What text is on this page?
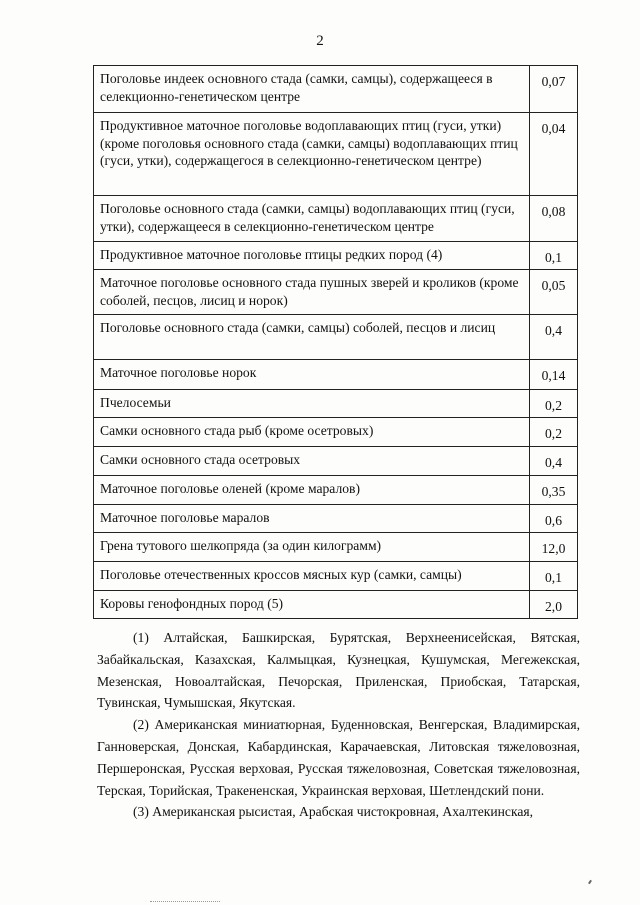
2
Поголовье индеек основного стада (самки, самцы), содержащееся в селекционно-генетическом центре	0,07
Продуктивное маточное поголовье водоплавающих птиц (гуси, утки) (кроме поголовья основного стада (самки, самцы) водоплавающих птиц (гуси, утки), содержащегося в селекционно-генетическом центре)	0,04
Поголовье основного стада (самки, самцы) водоплавающих птиц (гуси, утки), содержащееся в селекционно-генетическом центре	0,08
Продуктивное маточное поголовье птицы редких пород (4)	0,1
Маточное поголовье основного стада пушных зверей и кроликов (кроме соболей, песцов, лисиц и норок)	0,05
Поголовье основного стада (самки, самцы) соболей, песцов и лисиц	0,4
Маточное поголовье норок	0,14
Пчелосемьи	0,2
Самки основного стада рыб (кроме осетровых)	0,2
Самки основного стада осетровых	0,4
Маточное поголовье оленей (кроме маралов)	0,35
Маточное поголовье маралов	0,6
Грена тутового шелкопряда (за один килограмм)	12,0
Поголовье отечественных кроссов мясных кур (самки, самцы)	0,1
Коровы генофондных пород (5)	2,0

(1) Алтайская, Башкирская, Бурятская, Верхнеенисейская, Вятская, Забайкальская, Казахская, Калмыцкая, Кузнецкая, Кушумская, Мегежекская, Мезенская, Новоалтайская, Печорская, Приленская, Приобская, Татарская, Тувинская, Чумышская, Якутская.

(2) Американская миниатюрная, Буденновская, Венгерская, Владимирская, Ганноверская, Донская, Кабардинская, Карачаевская, Литовская тяжеловозная, Першеронская, Русская верховая, Русская тяжеловозная, Советская тяжеловозная, Терская, Торийская, Тракененская, Украинская верховая, Шетлендский пони.

(3) Американская рысистая, Арабская чистокровная, Ахалтекинская,
